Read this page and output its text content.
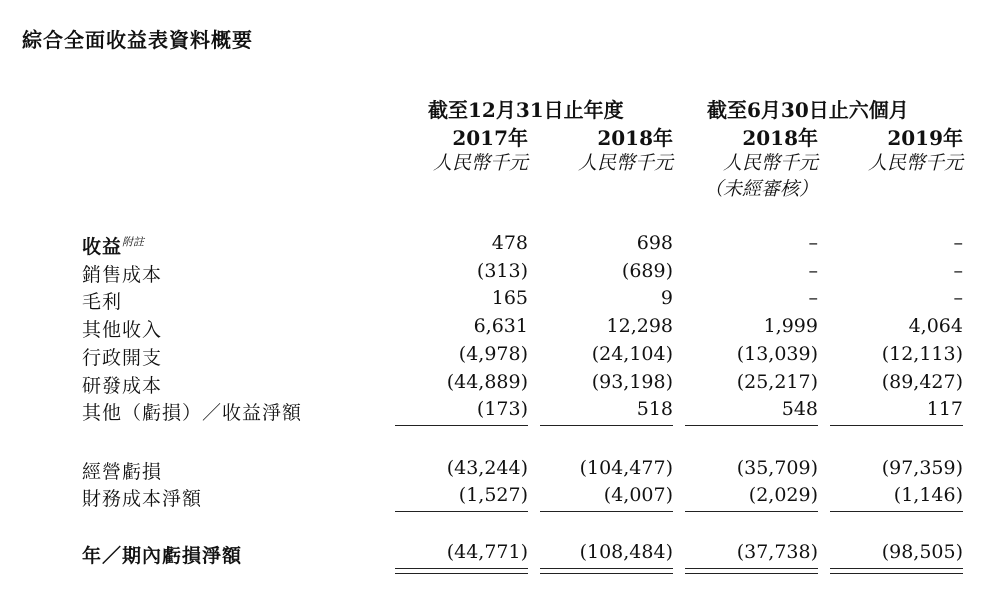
綜合全面收益表資料概要
截至12月31日止年度	截至6月30日止六個月
2017年	2018年	2018年	2019年
人民幣千元	人民幣千元	人民幣千元	人民幣千元
（未經審核）
收益$^{附註}$	478	698	–	–
銷售成本	(313)	(689)	–	–
毛利	165	9	–	–
其他收入	6,631	12,298	1,999	4,064
行政開支	(4,978)	(24,104)	(13,039)	(12,113)
研發成本	(44,889)	(93,198)	(25,217)	(89,427)
其他（虧損）／收益淨額	(173)	518	548	117
經營虧損	(43,244)	(104,477)	(35,709)	(97,359)
財務成本淨額	(1,527)	(4,007)	(2,029)	(1,146)
年／期內虧損淨額	(44,771)	(108,484)	(37,738)	(98,505)
